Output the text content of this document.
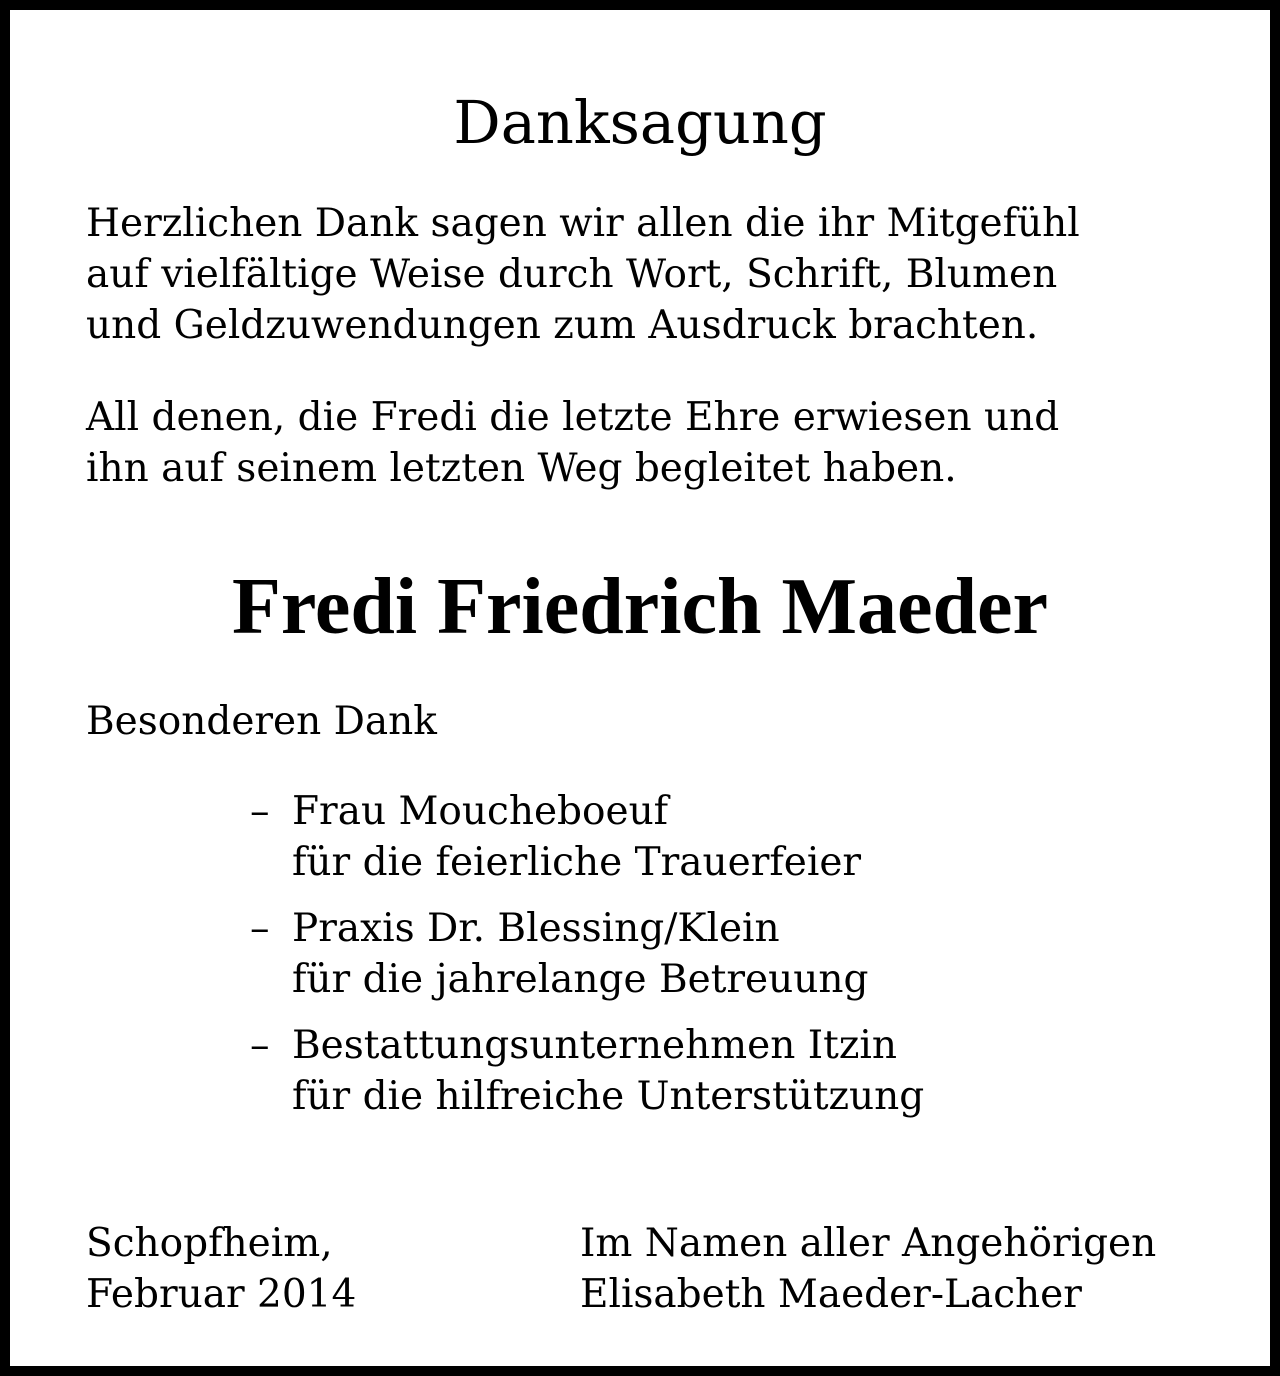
Danksagung

Herzlichen Dank sagen wir allen die ihr Mitgefühl
auf vielfältige Weise durch Wort, Schrift, Blumen
und Geldzuwendungen zum Ausdruck brachten.

All denen, die Fredi die letzte Ehre erwiesen und
ihn auf seinem letzten Weg begleitet haben.

Fredi Friedrich Maeder

Besonderen Dank

– Frau Moucheboeuf
für die feierliche Trauerfeier
– Praxis Dr. Blessing/Klein
für die jahrelange Betreuung
– Bestattungsunternehmen Itzin
für die hilfreiche Unterstützung
Schopfheim,
Februar 2014
Im Namen aller Angehörigen
Elisabeth Maeder-Lacher
